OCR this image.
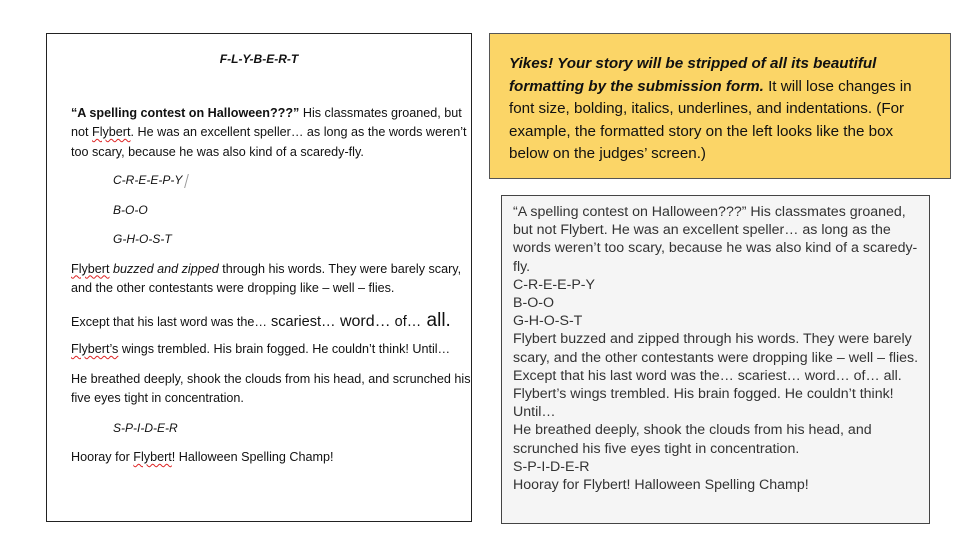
F-L-Y-B-E-R-T

“A spelling contest on Halloween???” His classmates groaned, but not Flybert. He was an excellent speller… as long as the words weren’t too scary, because he was also kind of a scaredy-fly.

C-R-E-E-P-Y

B-O-O

G-H-O-S-T

Flybert buzzed and zipped through his words. They were barely scary, and the other contestants were dropping like – well – flies.

Except that his last word was the… scariest… word… of… all.

Flybert’s wings trembled. His brain fogged. He couldn’t think! Until…

He breathed deeply, shook the clouds from his head, and scrunched his five eyes tight in concentration.

S-P-I-D-E-R

Hooray for Flybert! Halloween Spelling Champ!

Yikes! Your story will be stripped of all its beautiful formatting by the submission form. It will lose changes in font size, bolding, italics, underlines, and indentations. (For example, the formatted story on the left looks like the box below on the judges’ screen.)
“A spelling contest on Halloween???” His classmates groaned, but not Flybert. He was an excellent speller… as long as the words weren’t too scary, because he was also kind of a scaredy-fly.
C-R-E-E-P-Y
B-O-O
G-H-O-S-T
Flybert buzzed and zipped through his words. They were barely scary, and the other contestants were dropping like – well – flies.
Except that his last word was the… scariest… word… of… all.
Flybert’s wings trembled. His brain fogged. He couldn’t think! Until…
He breathed deeply, shook the clouds from his head, and scrunched his five eyes tight in concentration.
S-P-I-D-E-R
Hooray for Flybert! Halloween Spelling Champ!
